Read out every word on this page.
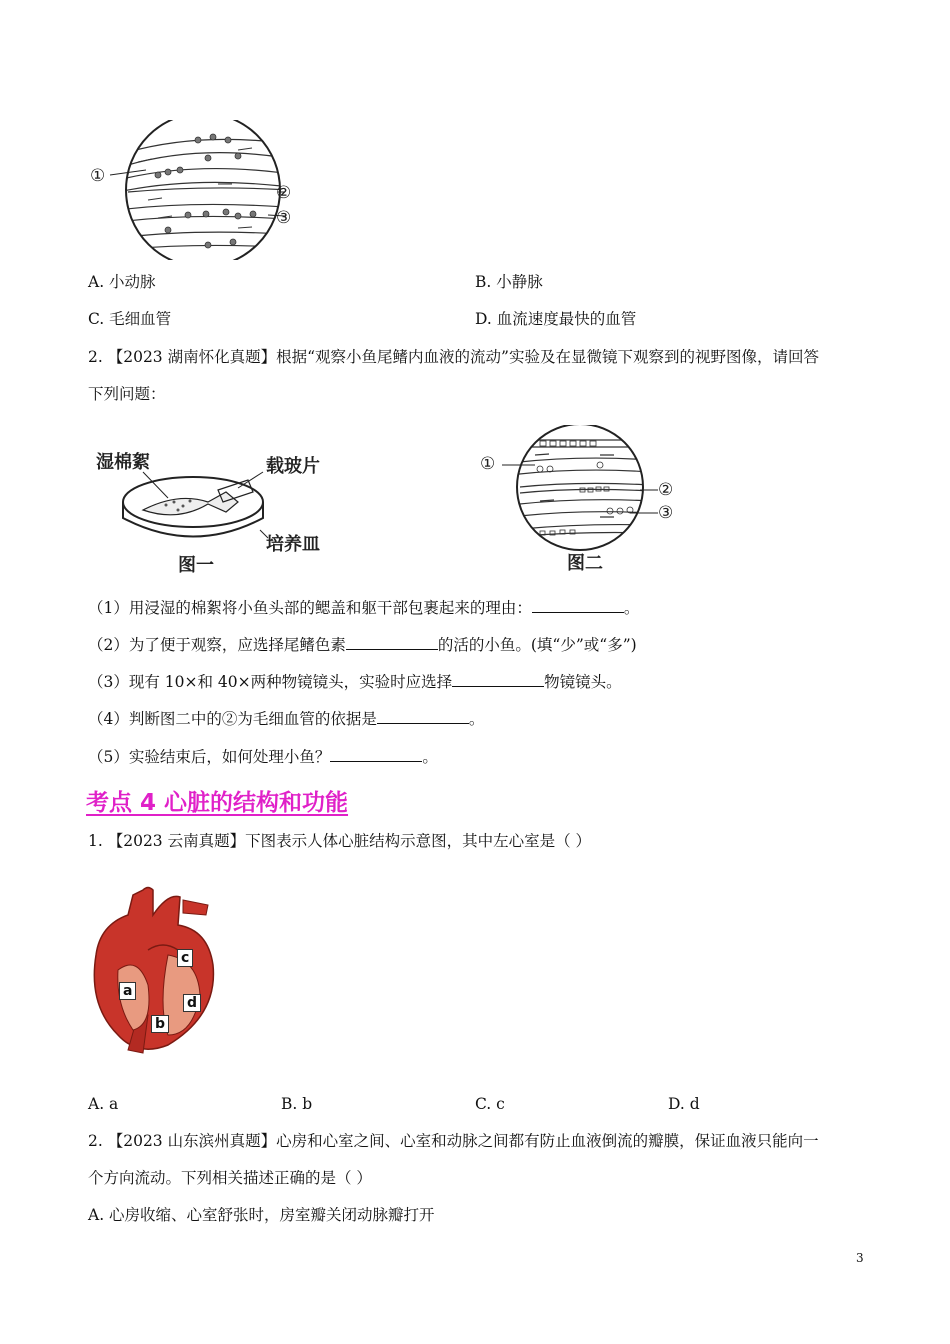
①
②
③
A. 小动脉	B. 小静脉
C. 毛细血管	D. 血流速度最快的血管
2. 【2023 湖南怀化真题】根据“观察小鱼尾鳍内血液的流动”实验及在显微镜下观察到的视野图像，请回答
下列问题：
湿棉絮	载玻片
培养皿
图一
①
②
③
图二
（1）用浸湿的棉絮将小鱼头部的鳃盖和躯干部包裹起来的理由：	。
（2）为了便于观察，应选择尾鳍色素	的活的小鱼。(填“少”或“多”)
（3）现有 10×和 40×两种物镜镜头，实验时应选择	物镜镜头。
（4）判断图二中的②为毛细血管的依据是	。
（5）实验结束后，如何处理小鱼？	。
考点 4 心脏的结构和功能
1. 【2023 云南真题】下图表示人体心脏结构示意图，其中左心室是（ ）
a
b
c
d
A. a	B. b	C. c	D. d
2. 【2023 山东滨州真题】心房和心室之间、心室和动脉之间都有防止血液倒流的瓣膜，保证血液只能向一
个方向流动。下列相关描述正确的是（ ）
A. 心房收缩、心室舒张时，房室瓣关闭动脉瓣打开
3
